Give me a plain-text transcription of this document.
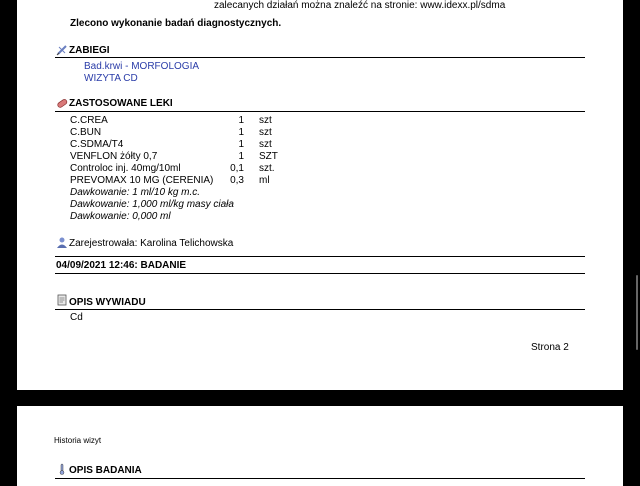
zalecanych działań można znaleźć na stronie: www.idexx.pl/sdma
Zlecono wykonanie badań diagnostycznych.
ZABIEGI
Bad.krwi - MORFOLOGIA
WIZYTA CD
ZASTOSOWANE LEKI
C.CREA	1 szt
C.BUN	1 szt
C.SDMA/T4	1 szt
VENFLON żółty 0,7	1 SZT
Controloc inj. 40mg/10ml	0,1 szt.
PREVOMAX 10 MG (CERENIA)	0,3 ml
Dawkowanie: 1 ml/10 kg m.c.
Dawkowanie: 1,000 ml/kg masy ciała
Dawkowanie: 0,000 ml
Zarejestrowała: Karolina Telichowska
04/09/2021 12:46: BADANIE
OPIS WYWIADU
Cd
Strona 2
Historia wizyt
OPIS BADANIA
